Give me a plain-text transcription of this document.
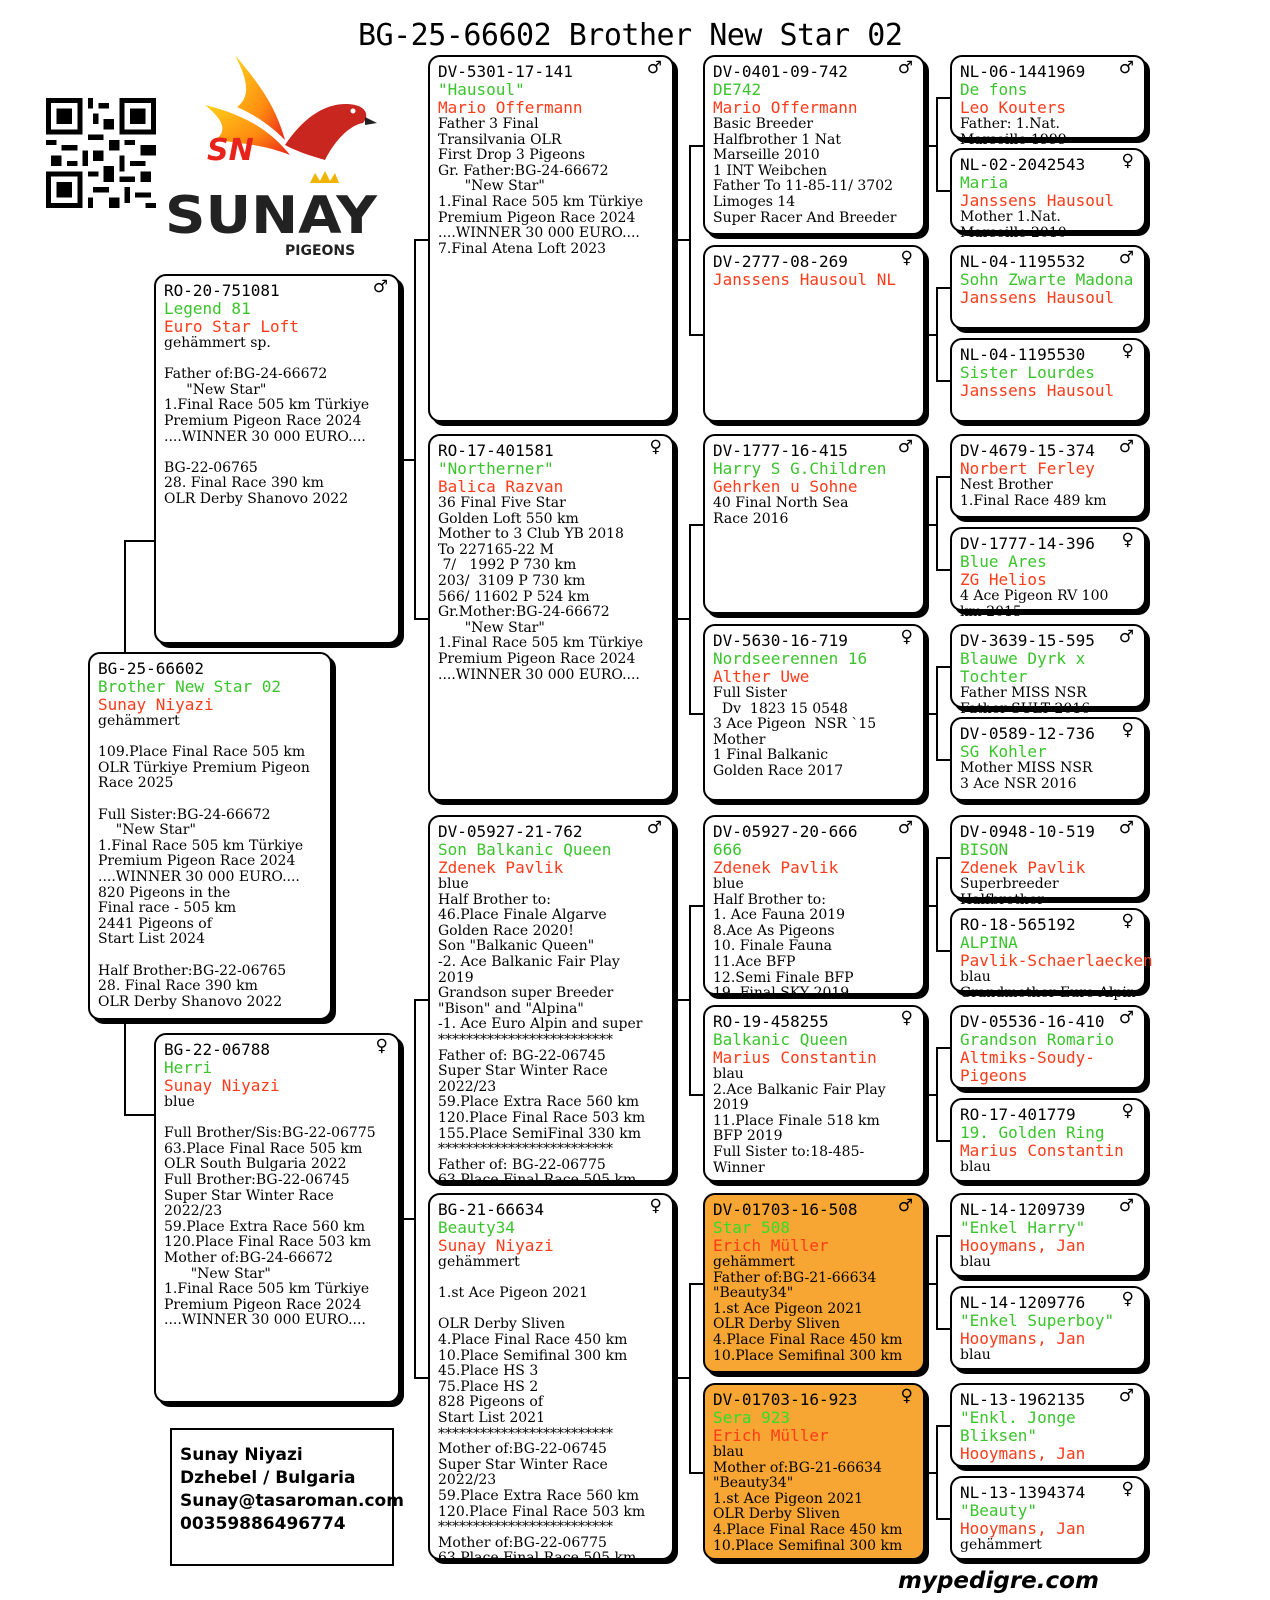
BG-25-66602 Brother New Star 02
SN
SUNAY
PIGEONS
BG-25-66602
Brother New Star 02
Sunay Niyazi
gehämmert

109.Place Final Race 505 km
OLR Türkiye Premium Pigeon
Race 2025

Full Sister:BG-24-66672
"New Star"
1.Final Race 505 km Türkiye
Premium Pigeon Race 2024
....WINNER 30 000 EURO....
820 Pigeons in the
Final race - 505 km
2441 Pigeons of
Start List 2024

Half Brother:BG-22-06765
28. Final Race 390 km
OLR Derby Shanovo 2022
♂
RO-20-751081
Legend 81
Euro Star Loft
gehämmert sp.

Father of:BG-24-66672
"New Star"
1.Final Race 505 km Türkiye
Premium Pigeon Race 2024
....WINNER 30 000 EURO....

BG-22-06765
28. Final Race 390 km
OLR Derby Shanovo 2022
♀
BG-22-06788
Herri
Sunay Niyazi
blue

Full Brother/Sis:BG-22-06775
63.Place Final Race 505 km
OLR South Bulgaria 2022
Full Brother:BG-22-06745
Super Star Winter Race
2022/23
59.Place Extra Race 560 km
120.Place Final Race 503 km
Mother of:BG-24-66672
"New Star"
1.Final Race 505 km Türkiye
Premium Pigeon Race 2024
....WINNER 30 000 EURO....
♂
DV-5301-17-141
"Hausoul"
Mario Offermann
Father 3 Final
Transilvania OLR
First Drop 3 Pigeons
Gr. Father:BG-24-66672
"New Star"
1.Final Race 505 km Türkiye
Premium Pigeon Race 2024
....WINNER 30 000 EURO....
7.Final Atena Loft 2023
♀
RO-17-401581
"Northerner"
Balica Razvan
36 Final Five Star
Golden Loft 550 km
Mother to 3 Club YB 2018
To 227165-22 M
7/   1992 P 730 km
203/  3109 P 730 km
566/ 11602 P 524 km
Gr.Mother:BG-24-66672
"New Star"
1.Final Race 505 km Türkiye
Premium Pigeon Race 2024
....WINNER 30 000 EURO....
♂
DV-05927-21-762
Son Balkanic Queen
Zdenek Pavlik
blue
Half Brother to:
46.Place Finale Algarve
Golden Race 2020!
Son "Balkanic Queen"
-2. Ace Balkanic Fair Play
2019
Grandson super Breeder
"Bison" and "Alpina"
-1. Ace Euro Alpin and super
*************************
Father of: BG-22-06745
Super Star Winter Race
2022/23
59.Place Extra Race 560 km
120.Place Final Race 503 km
155.Place SemiFinal 330 km
*************************
Father of: BG-22-06775
63.Place Final Race 505 km
♀
BG-21-66634
Beauty34
Sunay Niyazi
gehämmert

1.st Ace Pigeon 2021

OLR Derby Sliven
4.Place Final Race 450 km
10.Place Semifinal 300 km
45.Place HS 3
75.Place HS 2
828 Pigeons of
Start List 2021
*************************
Mother of:BG-22-06745
Super Star Winter Race
2022/23
59.Place Extra Race 560 km
120.Place Final Race 503 km
*************************
Mother of:BG-22-06775
63.Place Final Race 505 km
♂
DV-0401-09-742
DE742
Mario Offermann
Basic Breeder
Halfbrother 1 Nat
Marseille 2010
1 INT Weibchen
Father To 11-85-11/ 3702
Limoges 14
Super Racer And Breeder
♀
DV-2777-08-269
Janssens Hausoul NL
♂
DV-1777-16-415
Harry S G.Children
Gehrken u Sohne
40 Final North Sea
Race 2016
♀
DV-5630-16-719
Nordseerennen 16
Alther Uwe
Full Sister
Dv  1823 15 0548
3 Ace Pigeon  NSR `15
Mother
1 Final Balkanic
Golden Race 2017
♂
DV-05927-20-666
666
Zdenek Pavlik
blue
Half Brother to:
1. Ace Fauna 2019
8.Ace As Pigeons
10. Finale Fauna
11.Ace BFP
12.Semi Finale BFP
19. Final SKY 2019
♀
RO-19-458255
Balkanic Queen
Marius Constantin
blau
2.Ace Balkanic Fair Play
2019
11.Place Finale 518 km
BFP 2019
Full Sister to:18-485-
Winner
♂
DV-01703-16-508
Star 508
Erich Müller
gehämmert
Father of:BG-21-66634
"Beauty34"
1.st Ace Pigeon 2021
OLR Derby Sliven
4.Place Final Race 450 km
10.Place Semifinal 300 km
♀
DV-01703-16-923
Sera 923
Erich Müller
blau
Mother of:BG-21-66634
"Beauty34"
1.st Ace Pigeon 2021
OLR Derby Sliven
4.Place Final Race 450 km
10.Place Semifinal 300 km
♂
NL-06-1441969
De fons
Leo Kouters
Father: 1.Nat.
Marseille 1999
♀
NL-02-2042543
Maria
Janssens Hausoul
Mother 1.Nat.
Marseille 2010
♂
NL-04-1195532
Sohn Zwarte Madona
Janssens Hausoul
♀
NL-04-1195530
Sister Lourdes
Janssens Hausoul
♂
DV-4679-15-374
Norbert Ferley
Nest Brother
1.Final Race 489 km
♀
DV-1777-14-396
Blue Ares
ZG Helios
4 Ace Pigeon RV 100
km 2015
♂
DV-3639-15-595
Blauwe Dyrk x
Tochter
Father MISS NSR
Father SULT 2016
♀
DV-0589-12-736
SG Kohler
Mother MISS NSR
3 Ace NSR 2016
♂
DV-0948-10-519
BISON
Zdenek Pavlik
Superbreeder
Halfbrother
♀
RO-18-565192
ALPINA
Pavlik-Schaerlaecken
blau
Grandmother Euro Alpin
♂
DV-05536-16-410
Grandson Romario
Altmiks-Soudy-
Pigeons
♀
RO-17-401779
19. Golden Ring
Marius Constantin
blau
♂
NL-14-1209739
"Enkel Harry"
Hooymans, Jan
blau
♀
NL-14-1209776
"Enkel Superboy"
Hooymans, Jan
blau
♂
NL-13-1962135
"Enkl. Jonge
Bliksen"
Hooymans, Jan
♀
NL-13-1394374
"Beauty"
Hooymans, Jan
gehämmert
Sunay Niyazi
Dzhebel / Bulgaria
Sunay@tasaroman.com
00359886496774
mypedigre.com
